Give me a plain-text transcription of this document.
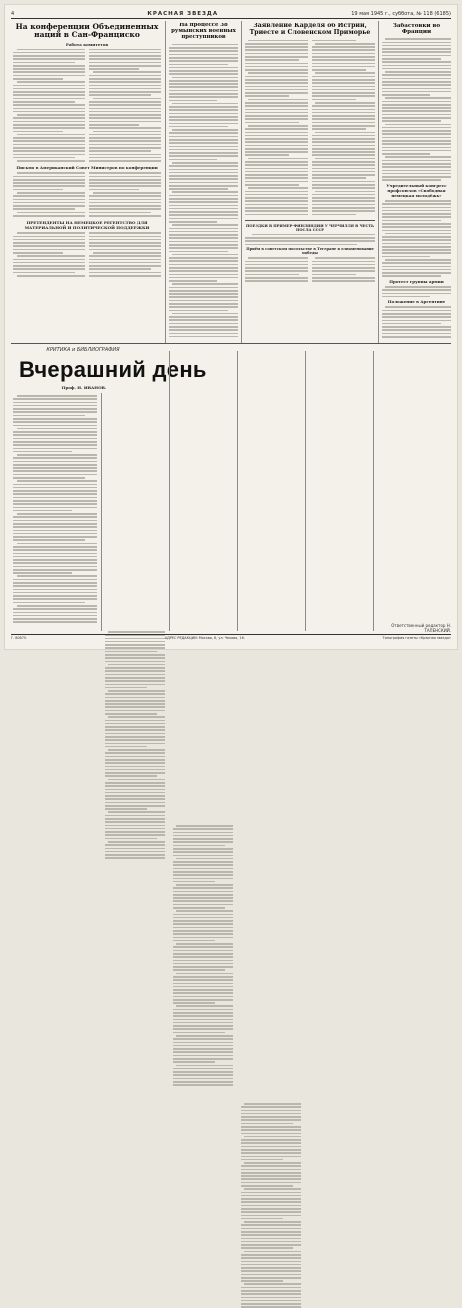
4	КРАСНАЯ ЗВЕЗДА	19 мая 1945 г., суббота, № 118 (6185)
На конференции Объединенных наций в Сан-Франциско
Работа комитетов
Письмо в Американский Совет Министров по конференции
ПРЕТЕНДЕНТЫ НА НЕМЕЦКОЕ РЕГЕНТСТВО ДЛЯ МАТЕРИАЛЬНОЙ И ПОЛИТИЧЕСКОЙ ПОДДЕРЖКИ
На процессе 38 румынских военных преступников
Заявление Карделя об Истрии, Триесте и Словенском Приморье
ПОЕЗДКИ В ПРИМЕР-ФИНЛЯНДИИ У ЧЕРЧИЛЛЯ В ЧЕСТЬ ПОСЛА СССР
Приём в советском посольстве в Тегеране в ознаменование победы
Забастовки во Франции
Учредительный конгресс профсоюзов «Свободная немецкая молодёжь»
Протест группы армии
Положение в Аргентине
КРИТИКА и БИБЛИОГРАФИЯ
Вчерашний день
Проф. Н. ИВАНОВ.
Ответственный редактор Н. ТАЛЕНСКИЙ.
Г. 80875.	АДРЕС РЕДАКЦИИ: Москва, 6, ул. Чехова, 16.	Типография газеты «Красная звезда»
